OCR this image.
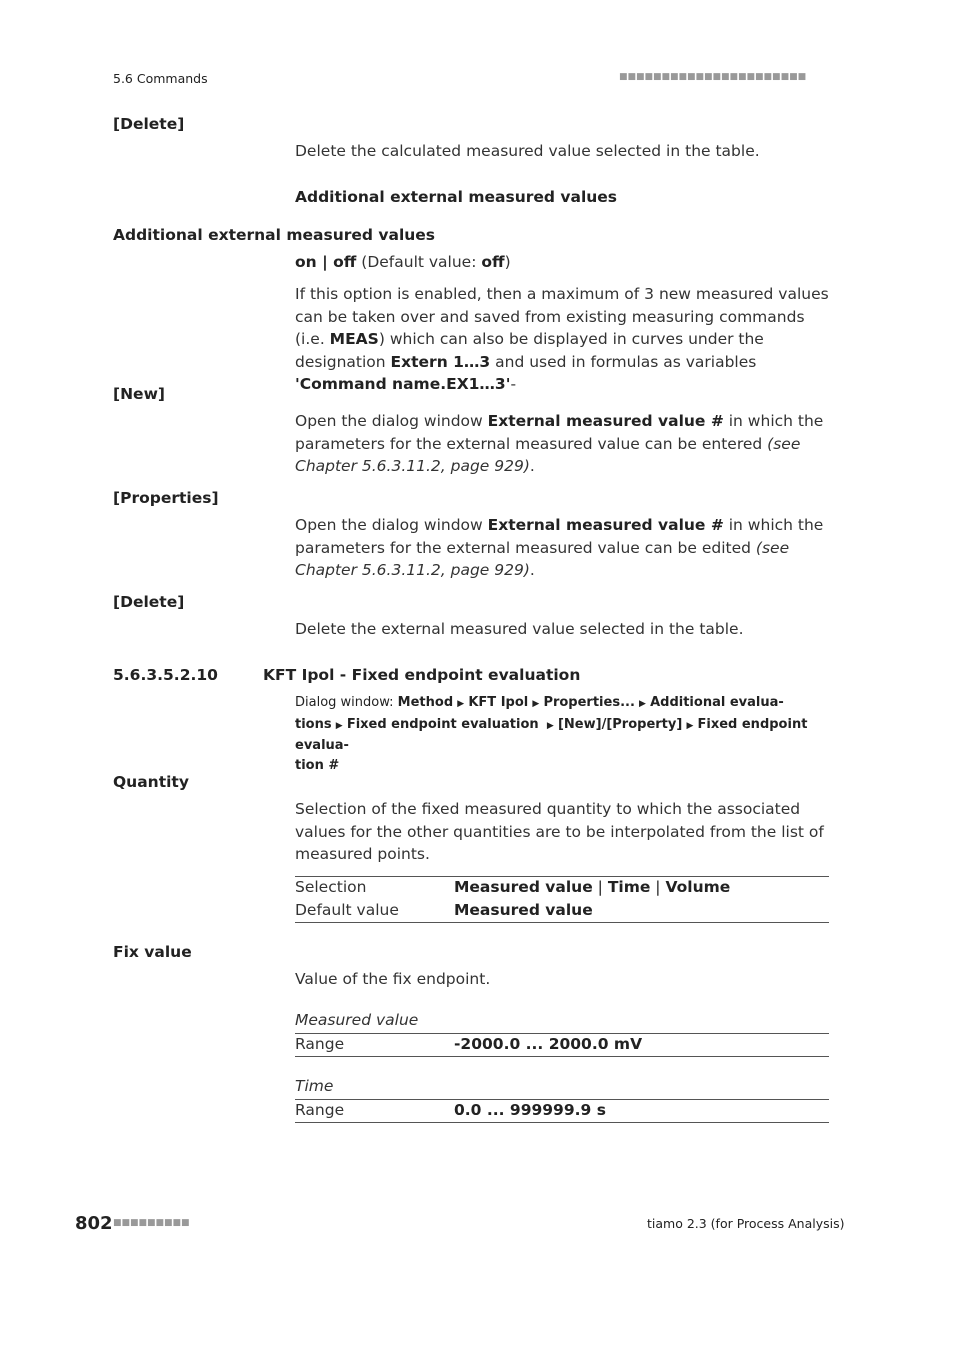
5.6 Commands	■■■■■■■■■■■■■■■■■■■■■■
[Delete]
Delete the calculated measured value selected in the table.
Additional external measured values
Additional external measured values
on | off (Default value: off)
If this option is enabled, then a maximum of 3 new measured values can be taken over and saved from existing measuring commands (i.e. MEAS) which can also be displayed in curves under the designation Extern 1…3 and used in formulas as variables 'Command name.EX1…3'-
[New]
Open the dialog window External measured value # in which the parameters for the external measured value can be entered (see Chapter 5.6.3.11.2, page 929).
[Properties]
Open the dialog window External measured value # in which the parameters for the external measured value can be edited (see Chapter 5.6.3.11.2, page 929).
[Delete]
Delete the external measured value selected in the table.
5.6.3.5.2.10	KFT Ipol - Fixed endpoint evaluation
Dialog window: Method ▶ KFT Ipol ▶ Properties... ▶ Additional evalua-
tions ▶ Fixed endpoint evaluation ▶ [New]/[Property] ▶ Fixed endpoint evalua-
tion #
Quantity
Selection of the fixed measured quantity to which the associated values for the other quantities are to be interpolated from the list of measured points.
Selection	Measured value | Time | Volume
Default value	Measured value
Fix value
Value of the fix endpoint.
Measured value
Range	-2000.0 ... 2000.0 mV
Time
Range	0.0 ... 999999.9 s
802 ■■■■■■■■■	tiamo 2.3 (for Process Analysis)
